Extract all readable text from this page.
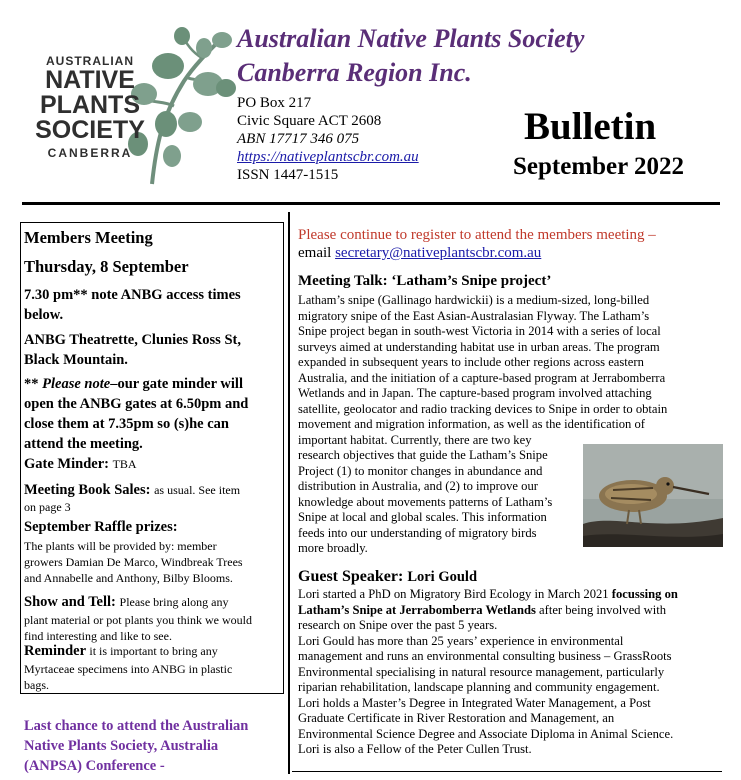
AUSTRALIAN
NATIVE
PLANTS
SOCIETY
CANBERRA
Australian Native Plants Society
Canberra Region Inc.
PO Box 217
Civic Square ACT 2608
ABN 17717 346 075
https://nativeplantscbr.com.au
ISSN 1447-1515
Bulletin
September 2022
Members Meeting
Thursday, 8 September
7.30 pm** note ANBG access times
below.
ANBG Theatrette, Clunies Ross St,
Black Mountain.
** Please note–our gate minder will
open the ANBG gates at 6.50pm and
close them at 7.35pm so (s)he can
attend the meeting.
Gate Minder: TBA
Meeting Book Sales: as usual. See item
on page 3
September Raffle prizes:
The plants will be provided by: member
growers Damian De Marco, Windbreak Trees
and Annabelle and Anthony, Bilby Blooms.
Show and Tell: Please bring along any
plant material or pot plants you think we would
find interesting and like to see.
Reminder it is important to bring any
Myrtaceae specimens into ANBG in plastic
bags.
Last chance to attend the Australian
Native Plants Society, Australia
(ANPSA) Conference -
Please continue to register to attend the members meeting –
email secretary@nativeplantscbr.com.au
Meeting Talk: ‘Latham’s Snipe project’
Latham’s snipe (Gallinago hardwickii) is a medium-sized, long-billed
migratory snipe of the East Asian-Australasian Flyway. The Latham’s
Snipe project began in south-west Victoria in 2014 with a series of local
surveys aimed at understanding habitat use in urban areas. The program
expanded in subsequent years to include other regions across eastern
Australia, and the initiation of a capture-based program at Jerrabomberra
Wetlands and in Japan. The capture-based program involved attaching
satellite, geolocator and radio tracking devices to Snipe in order to obtain
movement and migration information, as well as the identification of
important habitat. Currently, there are two key
research objectives that guide the Latham’s Snipe
Project (1) to monitor changes in abundance and
distribution in Australia, and (2) to improve our
knowledge about movements patterns of Latham’s
Snipe at local and global scales. This information
feeds into our understanding of migratory birds
more broadly.
Guest Speaker: Lori Gould
Lori started a PhD on Migratory Bird Ecology in March 2021 focussing on
Latham’s Snipe at Jerrabomberra Wetlands after being involved with
research on Snipe over the past 5 years.
Lori Gould has more than 25 years’ experience in environmental
management and runs an environmental consulting business – GrassRoots
Environmental specialising in natural resource management, particularly
riparian rehabilitation, landscape planning and community engagement.
Lori holds a Master’s Degree in Integrated Water Management, a Post
Graduate Certificate in River Restoration and Management, an
Environmental Science Degree and Associate Diploma in Animal Science.
Lori is also a Fellow of the Peter Cullen Trust.
